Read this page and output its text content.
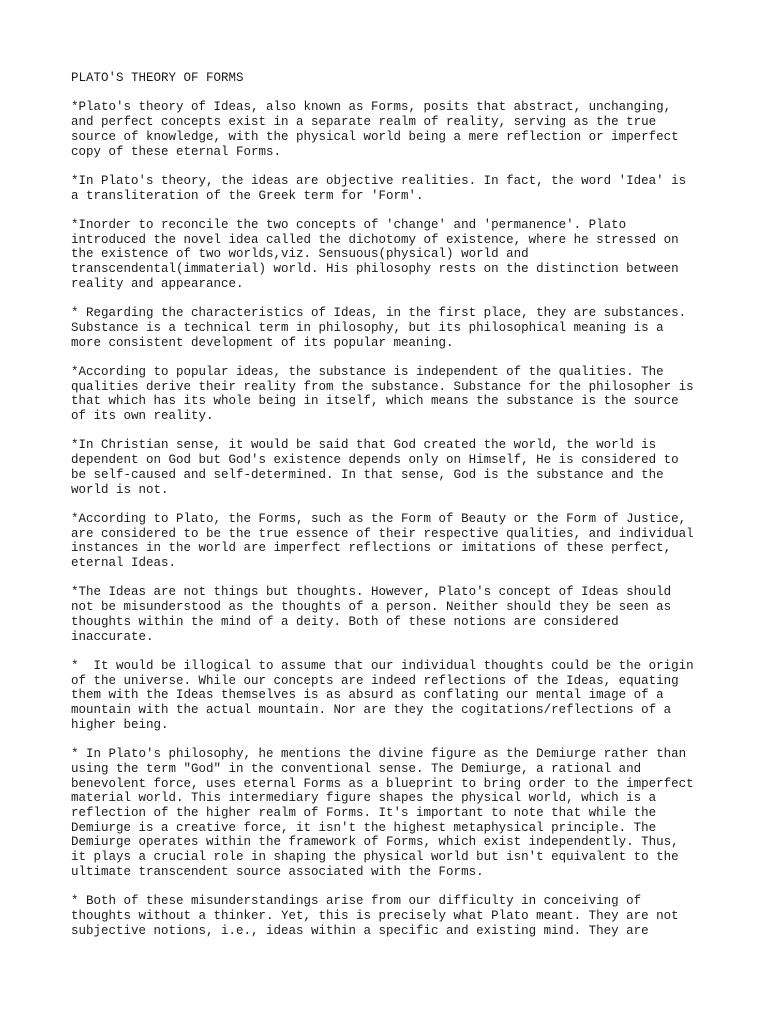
PLATO'S THEORY OF FORMS
*Plato's theory of Ideas, also known as Forms, posits that abstract, unchanging,
and perfect concepts exist in a separate realm of reality, serving as the true
source of knowledge, with the physical world being a mere reflection or imperfect
copy of these eternal Forms.
*In Plato's theory, the ideas are objective realities. In fact, the word 'Idea' is
a transliteration of the Greek term for 'Form'.
*Inorder to reconcile the two concepts of 'change' and 'permanence'. Plato
introduced the novel idea called the dichotomy of existence, where he stressed on
the existence of two worlds,viz. Sensuous(physical) world and
transcendental(immaterial) world. His philosophy rests on the distinction between
reality and appearance.
* Regarding the characteristics of Ideas, in the first place, they are substances.
Substance is a technical term in philosophy, but its philosophical meaning is a
more consistent development of its popular meaning.
*According to popular ideas, the substance is independent of the qualities. The
qualities derive their reality from the substance. Substance for the philosopher is
that which has its whole being in itself, which means the substance is the source
of its own reality.
*In Christian sense, it would be said that God created the world, the world is
dependent on God but God's existence depends only on Himself, He is considered to
be self-caused and self-determined. In that sense, God is the substance and the
world is not.
*According to Plato, the Forms, such as the Form of Beauty or the Form of Justice,
are considered to be the true essence of their respective qualities, and individual
instances in the world are imperfect reflections or imitations of these perfect,
eternal Ideas.
*The Ideas are not things but thoughts. However, Plato's concept of Ideas should
not be misunderstood as the thoughts of a person. Neither should they be seen as
thoughts within the mind of a deity. Both of these notions are considered
inaccurate.
*  It would be illogical to assume that our individual thoughts could be the origin
of the universe. While our concepts are indeed reflections of the Ideas, equating
them with the Ideas themselves is as absurd as conflating our mental image of a
mountain with the actual mountain. Nor are they the cogitations/reflections of a
higher being.
* In Plato's philosophy, he mentions the divine figure as the Demiurge rather than
using the term "God" in the conventional sense. The Demiurge, a rational and
benevolent force, uses eternal Forms as a blueprint to bring order to the imperfect
material world. This intermediary figure shapes the physical world, which is a
reflection of the higher realm of Forms. It's important to note that while the
Demiurge is a creative force, it isn't the highest metaphysical principle. The
Demiurge operates within the framework of Forms, which exist independently. Thus,
it plays a crucial role in shaping the physical world but isn't equivalent to the
ultimate transcendent source associated with the Forms.
* Both of these misunderstandings arise from our difficulty in conceiving of
thoughts without a thinker. Yet, this is precisely what Plato meant. They are not
subjective notions, i.e., ideas within a specific and existing mind. They are
